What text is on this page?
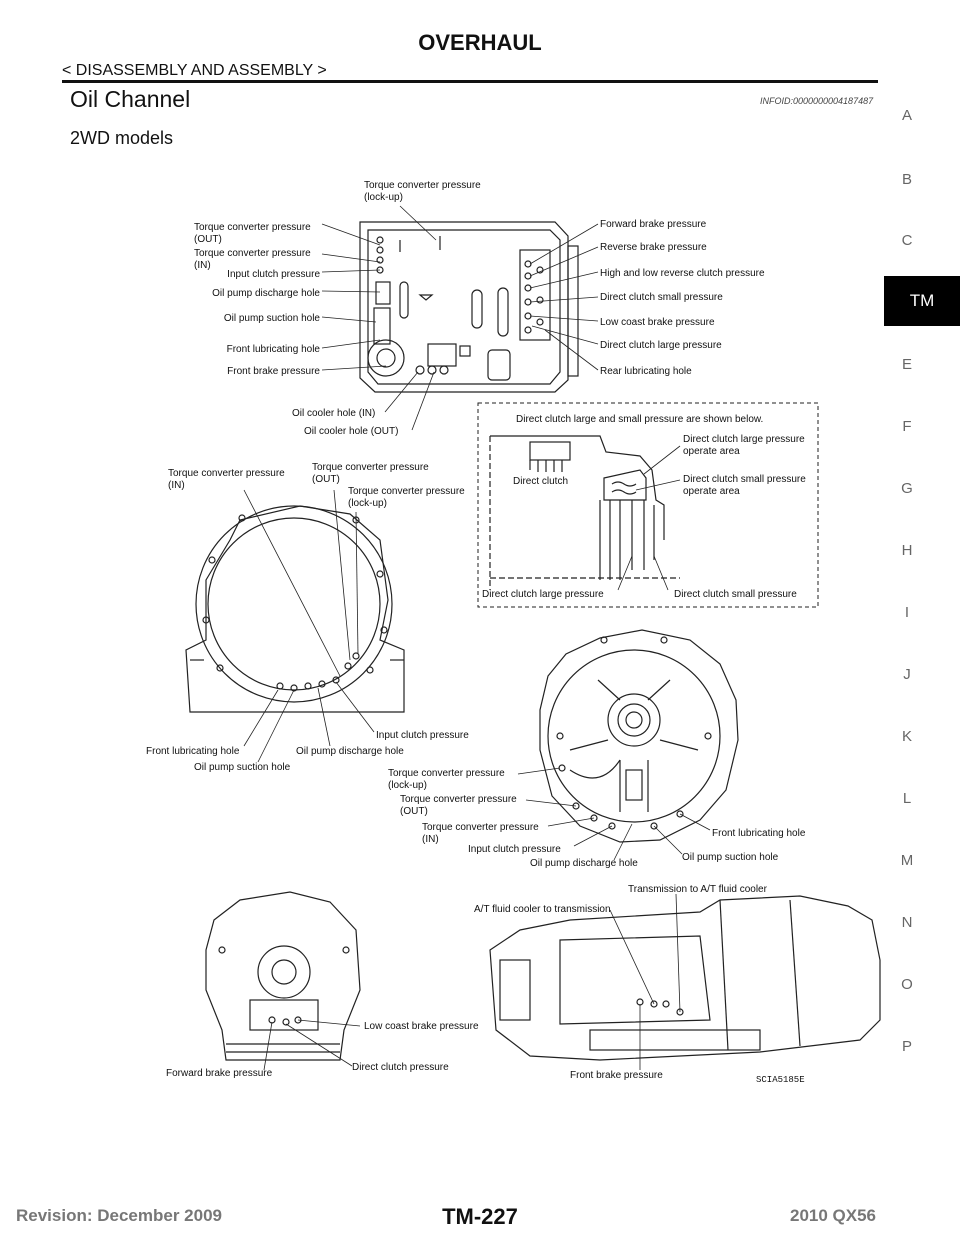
OVERHAUL
< DISASSEMBLY AND ASSEMBLY >
Oil Channel	INFOID:0000000004187487
2WD models
A
B
C
TM
E
F
G
H
I
J
K
L
M
N
O
P
Torque converter pressure
(lock-up)
Torque converter pressure
(OUT)
Torque converter pressure
(IN)
Input clutch pressure
Oil pump discharge hole
Oil pump suction hole
Front lubricating hole
Front brake pressure
Forward brake pressure
Reverse brake pressure
High and low reverse clutch pressure
Direct clutch small pressure
Low coast brake pressure
Direct clutch large pressure
Rear lubricating hole
Oil cooler hole (IN)
Oil cooler hole (OUT)
Direct clutch large and small pressure are shown below.
Direct clutch
Direct clutch large pressure
operate area
Direct clutch small pressure
operate area
Direct clutch large pressure	Direct clutch small pressure
Torque converter pressure
(IN)
Torque converter pressure
(OUT)
Torque converter pressure
(lock-up)
Input clutch pressure
Front lubricating hole	Oil pump discharge hole
Oil pump suction hole
Torque converter pressure
(lock-up)
Torque converter pressure
(OUT)
Torque converter pressure
(IN)
Input clutch pressure
Oil pump discharge hole
Front lubricating hole
Oil pump suction hole
Low coast brake pressure
Direct clutch pressure
Forward brake pressure
Transmission to A/T fluid cooler
A/T fluid cooler to transmission
Front brake pressure	SCIA5185E
TM-227
Revision: December 2009	2010 QX56
